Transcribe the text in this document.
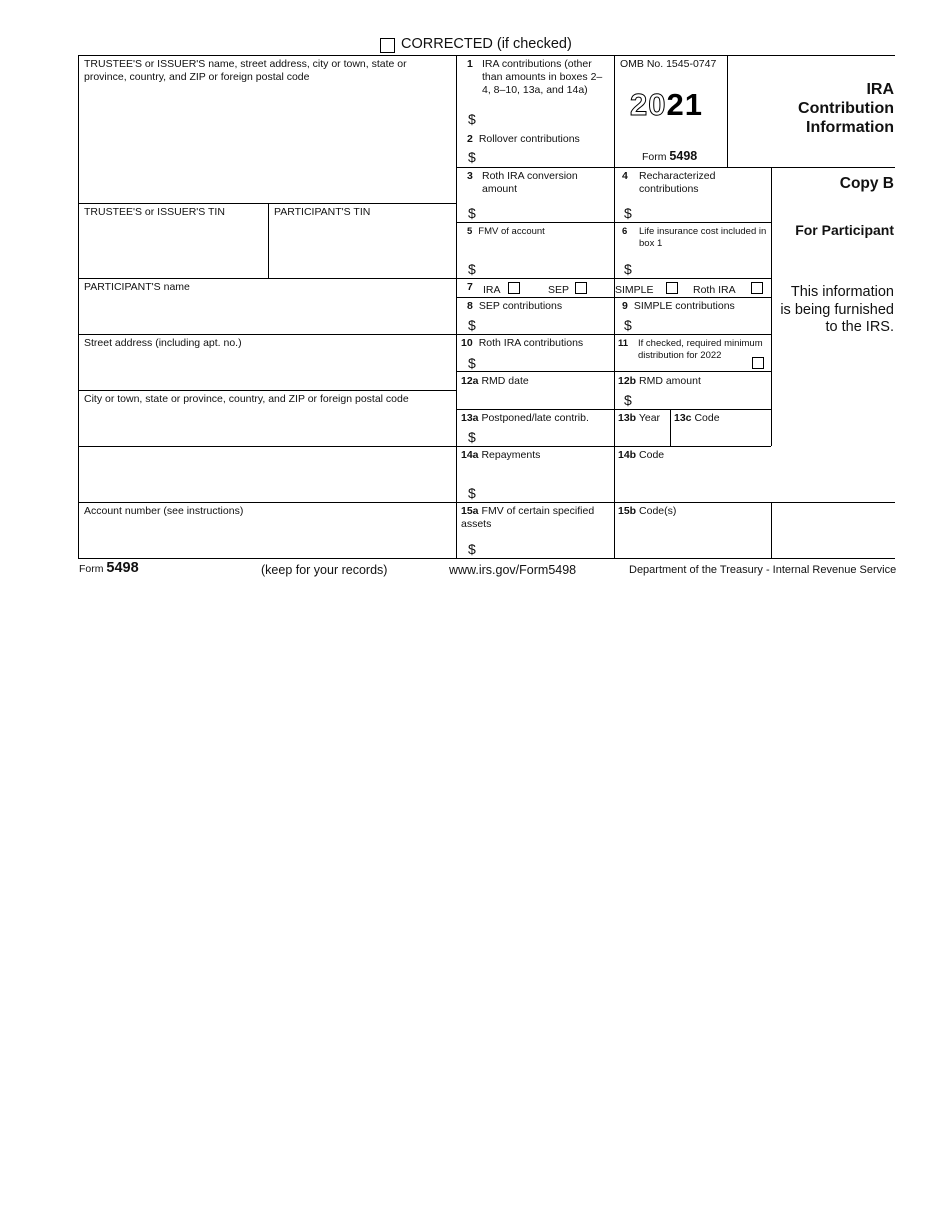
CORRECTED (if checked)
TRUSTEE'S or ISSUER'S name, street address, city or town, state or province, country, and ZIP or foreign postal code
TRUSTEE'S or ISSUER'S TIN	PARTICIPANT'S TIN
PARTICIPANT'S name
Street address (including apt. no.)
City or town, state or province, country, and ZIP or foreign postal code
Account number (see instructions)
1 IRA contributions (other than amounts in boxes 2–4, 8–10, 13a, and 14a)
$
2 Rollover contributions
$
OMB No. 1545-0747
2021
Form 5498
IRA Contribution Information
Copy B
For Participant
This information is being furnished to the IRS.
3 Roth IRA conversion amount
$
4 Recharacterized contributions
$
5 FMV of account
$
6 Life insurance cost included in box 1
$
7 IRA	SEP	SIMPLE	Roth IRA
8 SEP contributions
$
9 SIMPLE contributions
$
10 Roth IRA contributions
$
11 If checked, required minimum distribution for 2022
12a RMD date	12b RMD amount
$
13a Postponed/late contrib.
$
13b Year 13c Code
14a Repayments
$
14b Code
15a FMV of certain specified assets
$
15b Code(s)
Form 5498	(keep for your records)	www.irs.gov/Form5498	Department of the Treasury - Internal Revenue Service
